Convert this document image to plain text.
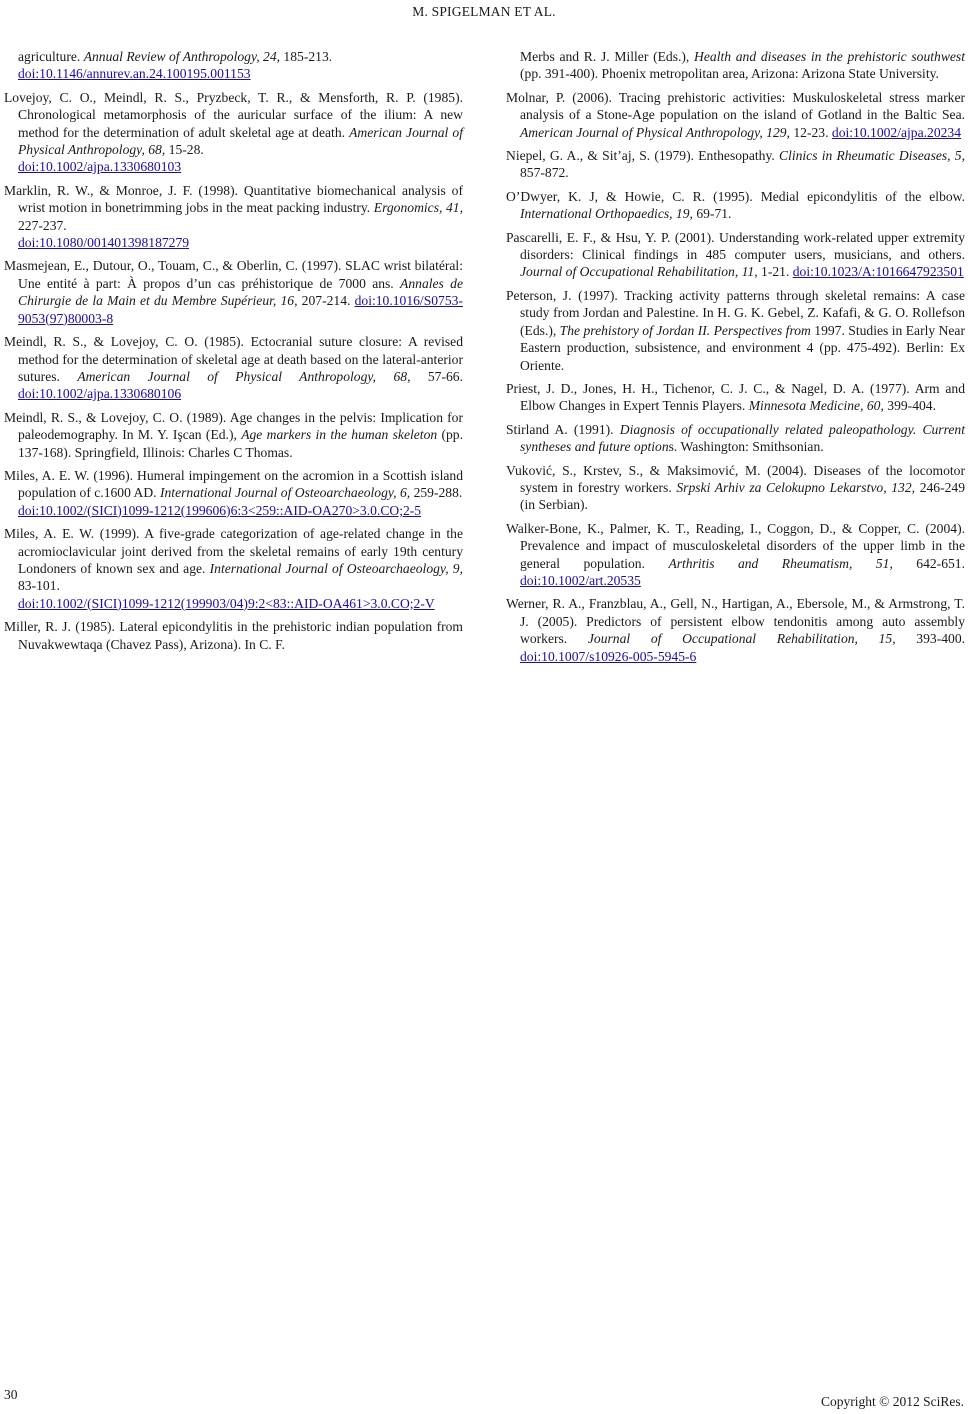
M. SPIGELMAN ET AL.

agriculture. Annual Review of Anthropology, 24, 185-213.
doi:10.1146/annurev.an.24.100195.001153

Lovejoy, C. O., Meindl, R. S., Pryzbeck, T. R., & Mensforth, R. P. (1985). Chronological metamorphosis of the auricular surface of the ilium: A new method for the determination of adult skeletal age at death. American Journal of Physical Anthropology, 68, 15-28.
doi:10.1002/ajpa.1330680103

Marklin, R. W., & Monroe, J. F. (1998). Quantitative biomechanical analysis of wrist motion in bonetrimming jobs in the meat packing industry. Ergonomics, 41, 227-237.
doi:10.1080/001401398187279

Masmejean, E., Dutour, O., Touam, C., & Oberlin, C. (1997). SLAC wrist bilatéral: Une entité à part: À propos d’un cas préhistorique de 7000 ans. Annales de Chirurgie de la Main et du Membre Supérieur, 16, 207-214. doi:10.1016/S0753-9053(97)80003-8

Meindl, R. S., & Lovejoy, C. O. (1985). Ectocranial suture closure: A revised method for the determination of skeletal age at death based on the lateral-anterior sutures. American Journal of Physical Anthropology, 68, 57-66. doi:10.1002/ajpa.1330680106

Meindl, R. S., & Lovejoy, C. O. (1989). Age changes in the pelvis: Implication for paleodemography. In M. Y. Işcan (Ed.), Age markers in the human skeleton (pp. 137-168). Springfield, Illinois: Charles C Thomas.

Miles, A. E. W. (1996). Humeral impingement on the acromion in a Scottish island population of c.1600 AD. International Journal of Osteoarchaeology, 6, 259-288.
doi:10.1002/(SICI)1099-1212(199606)6:3<259::AID-OA270>3.0.CO;2-5

Miles, A. E. W. (1999). A five-grade categorization of age-related change in the acromioclavicular joint derived from the skeletal remains of early 19th century Londoners of known sex and age. International Journal of Osteoarchaeology, 9, 83-101.
doi:10.1002/(SICI)1099-1212(199903/04)9:2<83::AID-OA461>3.0.CO;2-V

Miller, R. J. (1985). Lateral epicondylitis in the prehistoric indian population from Nuvakwewtaqa (Chavez Pass), Arizona). In C. F.

Merbs and R. J. Miller (Eds.), Health and diseases in the prehistoric southwest (pp. 391-400). Phoenix metropolitan area, Arizona: Arizona State University.

Molnar, P. (2006). Tracing prehistoric activities: Muskuloskeletal stress marker analysis of a Stone-Age population on the island of Gotland in the Baltic Sea. American Journal of Physical Anthropology, 129, 12-23. doi:10.1002/ajpa.20234

Niepel, G. A., & Sit’aj, S. (1979). Enthesopathy. Clinics in Rheumatic Diseases, 5, 857-872.

O’Dwyer, K. J, & Howie, C. R. (1995). Medial epicondylitis of the elbow. International Orthopaedics, 19, 69-71.

Pascarelli, E. F., & Hsu, Y. P. (2001). Understanding work-related upper extremity disorders: Clinical findings in 485 computer users, musicians, and others. Journal of Occupational Rehabilitation, 11, 1-21. doi:10.1023/A:1016647923501

Peterson, J. (1997). Tracking activity patterns through skeletal remains: A case study from Jordan and Palestine. In H. G. K. Gebel, Z. Kafafi, & G. O. Rollefson (Eds.), The prehistory of Jordan II. Perspectives from 1997. Studies in Early Near Eastern production, subsistence, and environment 4 (pp. 475-492). Berlin: Ex Oriente.

Priest, J. D., Jones, H. H., Tichenor, C. J. C., & Nagel, D. A. (1977). Arm and Elbow Changes in Expert Tennis Players. Minnesota Medicine, 60, 399-404.

Stirland A. (1991). Diagnosis of occupationally related paleopathology. Current syntheses and future options. Washington: Smithsonian.

Vuković, S., Krstev, S., & Maksimović, M. (2004). Diseases of the locomotor system in forestry workers. Srpski Arhiv za Celokupno Lekarstvo, 132, 246-249 (in Serbian).

Walker-Bone, K., Palmer, K. T., Reading, I., Coggon, D., & Copper, C. (2004). Prevalence and impact of musculoskeletal disorders of the upper limb in the general population. Arthritis and Rheumatism, 51, 642-651. doi:10.1002/art.20535

Werner, R. A., Franzblau, A., Gell, N., Hartigan, A., Ebersole, M., & Armstrong, T. J. (2005). Predictors of persistent elbow tendonitis among auto assembly workers. Journal of Occupational Rehabilitation, 15, 393-400. doi:10.1007/s10926-005-5945-6

30	Copyright © 2012 SciRes.
